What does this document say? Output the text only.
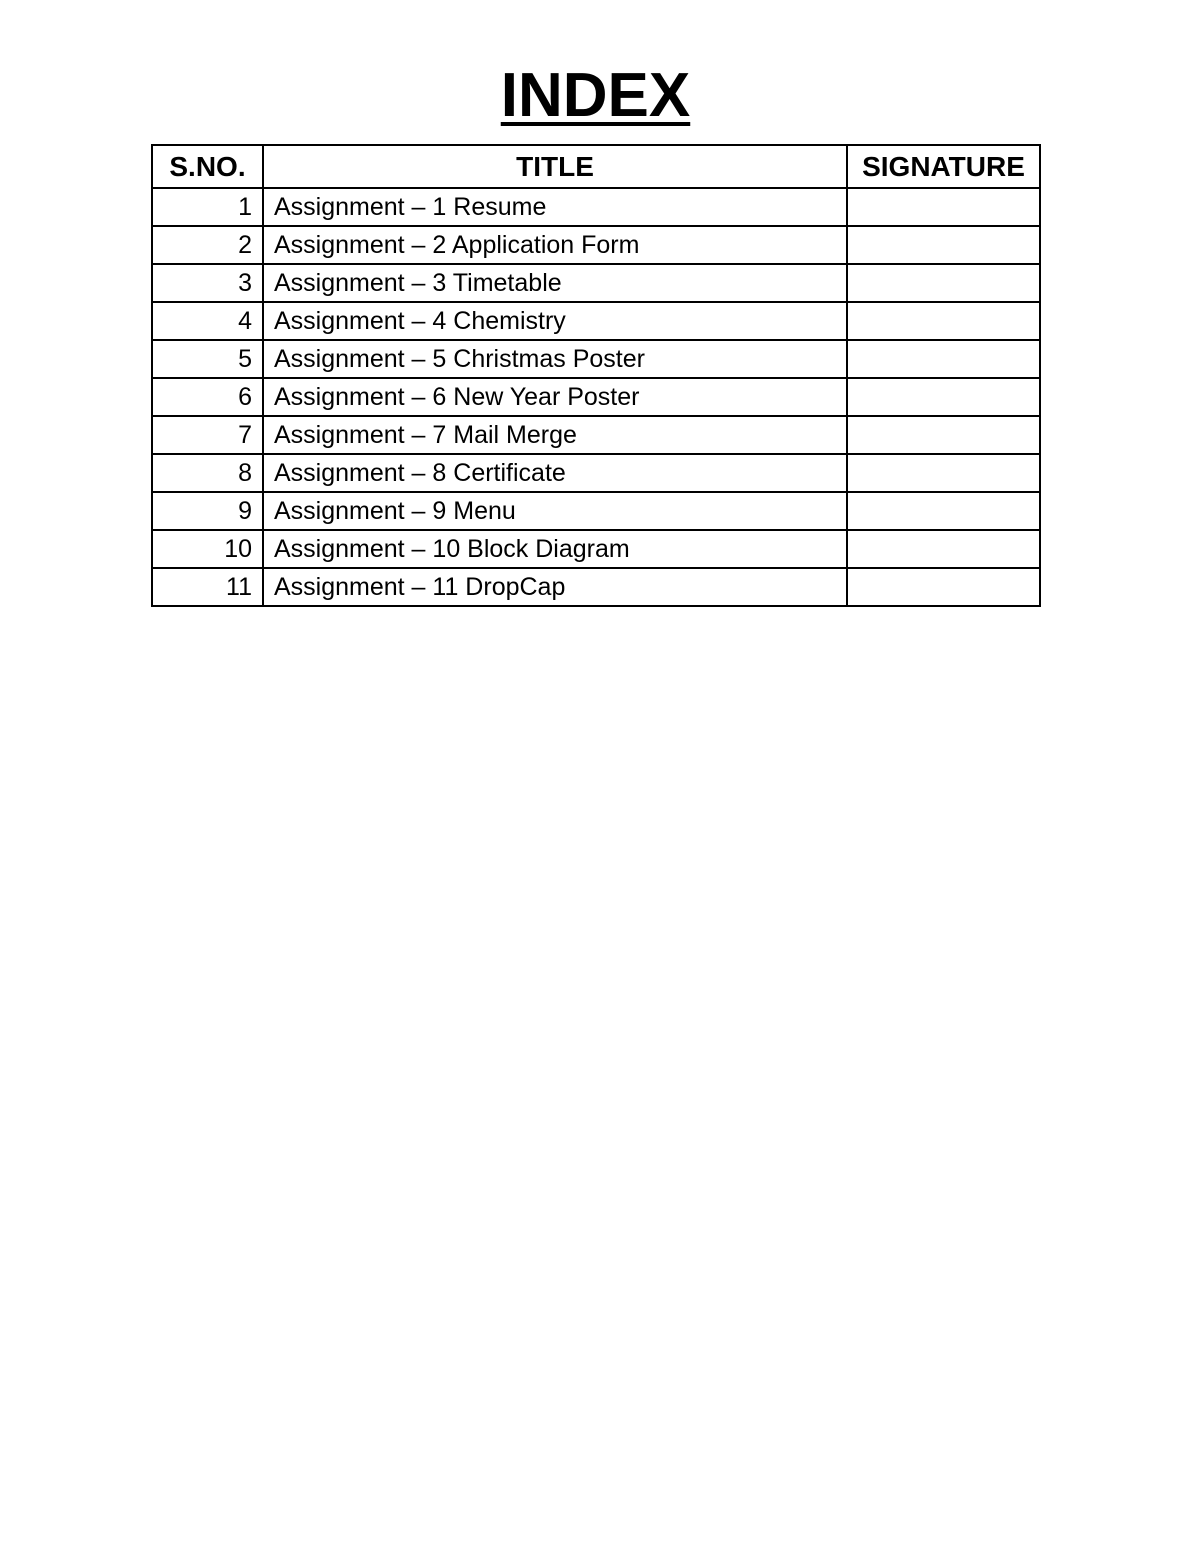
INDEX
S.NO.	TITLE	SIGNATURE
1	Assignment – 1 Resume	
2	Assignment – 2 Application Form	
3	Assignment – 3 Timetable	
4	Assignment – 4 Chemistry	
5	Assignment – 5 Christmas Poster	
6	Assignment – 6 New Year Poster	
7	Assignment – 7 Mail Merge	
8	Assignment – 8 Certificate	
9	Assignment – 9 Menu	
10	Assignment – 10 Block Diagram	
11	Assignment – 11 DropCap	
